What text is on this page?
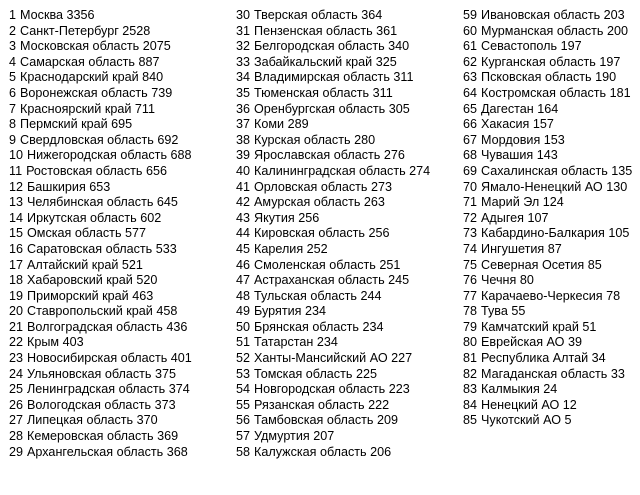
1 Москва 3356
2 Санкт-Петербург 2528
3 Московская область 2075
4 Самарская область 887
5 Краснодарский край 840
6 Воронежская область 739
7 Красноярский край 711
8 Пермский край 695
9 Свердловская область 692
10 Нижегородская область 688
11 Ростовская область 656
12 Башкирия 653
13 Челябинская область 645
14 Иркутская область 602
15 Омская область 577
16 Саратовская область 533
17 Алтайский край 521
18 Хабаровский край 520
19 Приморский край 463
20 Ставропольский край 458
21 Волгоградская область 436
22 Крым 403
23 Новосибирская область 401
24 Ульяновская область 375
25 Ленинградская область 374
26 Вологодская область 373
27 Липецкая область 370
28 Кемеровская область 369
29 Архангельская область 368
30 Тверская область 364
31 Пензенская область 361
32 Белгородская область 340
33 Забайкальский край 325
34 Владимирская область 311
35 Тюменская область 311
36 Оренбургская область 305
37 Коми 289
38 Курская область 280
39 Ярославская область 276
40 Калининградская область 274
41 Орловская область 273
42 Амурская область 263
43 Якутия 256
44 Кировская область 256
45 Карелия 252
46 Смоленская область 251
47 Астраханская область 245
48 Тульская область 244
49 Бурятия 234
50 Брянская область 234
51 Татарстан 234
52 Ханты-Мансийский АО 227
53 Томская область 225
54 Новгородская область 223
55 Рязанская область 222
56 Тамбовская область 209
57 Удмуртия 207
58 Калужская область 206
59 Ивановская область 203
60 Мурманская область 200
61 Севастополь 197
62 Курганская область 197
63 Псковская область 190
64 Костромская область 181
65 Дагестан 164
66 Хакасия 157
67 Мордовия 153
68 Чувашия 143
69 Сахалинская область 135
70 Ямало-Ненецкий АО 130
71 Марий Эл 124
72 Адыгея 107
73 Кабардино-Балкария 105
74 Ингушетия 87
75 Северная Осетия 85
76 Чечня 80
77 Карачаево-Черкесия 78
78 Тува 55
79 Камчатский край 51
80 Еврейская АО 39
81 Республика Алтай 34
82 Магаданская область 33
83 Калмыкия 24
84 Ненецкий АО 12
85 Чукотский АО 5
